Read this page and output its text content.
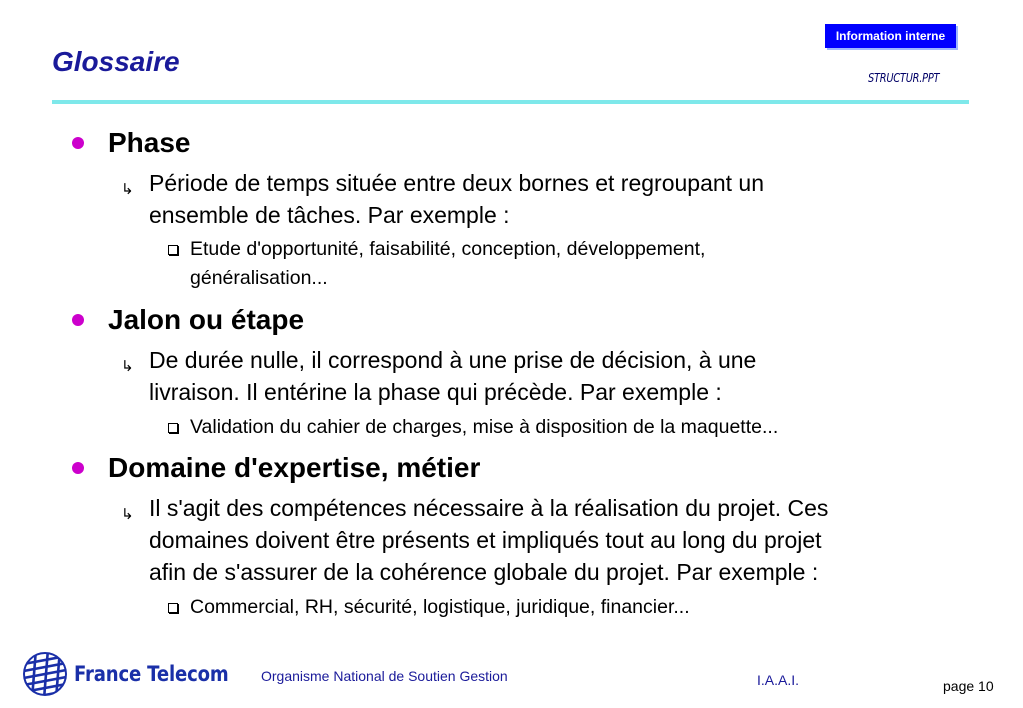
Information interne
Glossaire
STRUCTUR.PPT
Phase
↳ Période de temps située entre deux bornes et regroupant un
ensemble de tâches. Par exemple :
Etude d'opportunité, faisabilité, conception, développement,
généralisation...
Jalon ou étape
↳ De durée nulle, il correspond à une prise de décision, à une
livraison. Il entérine la phase qui précède. Par exemple :
Validation du cahier de charges, mise à disposition de la maquette...
Domaine d'expertise, métier
↳ Il s'agit des compétences nécessaire à la réalisation du projet. Ces
domaines doivent être présents et impliqués tout au long du projet
afin de s'assurer de la cohérence globale du projet. Par exemple :
Commercial, RH, sécurité, logistique, juridique, financier...
France Telecom Organisme National de Soutien Gestion	I.A.A.I.	page 10
